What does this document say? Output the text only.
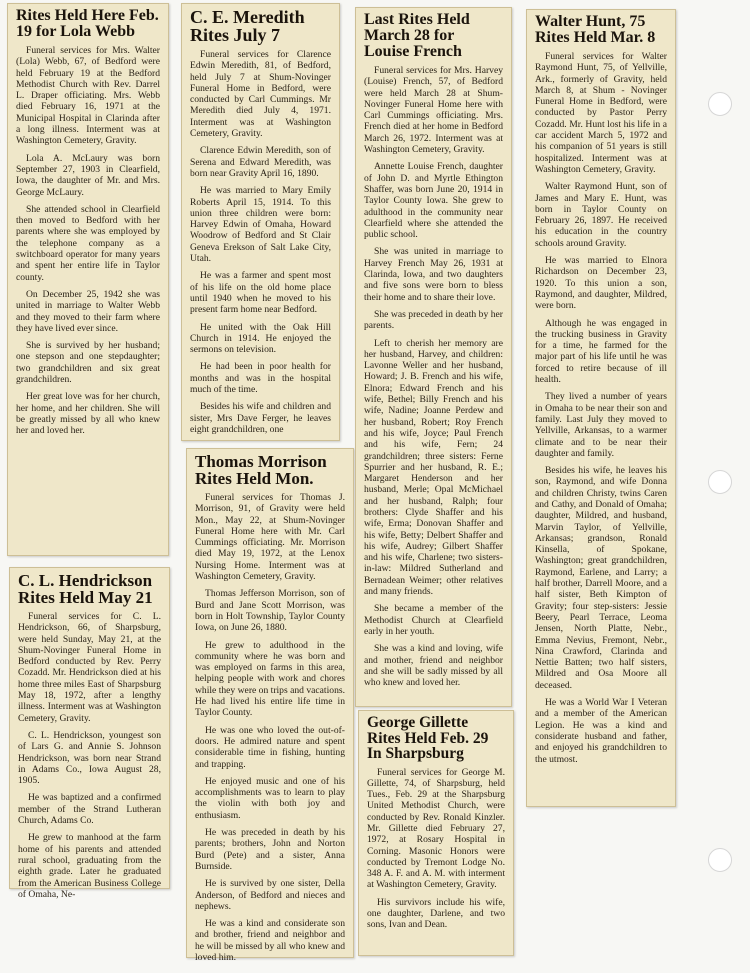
Rites Held Here Feb. 19 for Lola Webb

Funeral services for Mrs. Walter (Lola) Webb, 67, of Bedford were held February 19 at the Bedford Methodist Church with Rev. Darrel L. Draper officiating. Mrs. Webb died February 16, 1971 at the Municipal Hospital in Clarinda after a long illness. Interment was at Washington Cemetery, Gravity.

Lola A. McLaury was born September 27, 1903 in Clearfield, Iowa, the daughter of Mr. and Mrs. George McLaury.

She attended school in Clearfield then moved to Bedford with her parents where she was employed by the telephone company as a switchboard operator for many years and spent her entire life in Taylor county.

On December 25, 1942 she was united in marriage to Walter Webb and they moved to their farm where they have lived ever since.

She is survived by her husband; one stepson and one stepdaughter; two grandchildren and six great grandchildren.

Her great love was for her church, her home, and her children. She will be greatly missed by all who knew her and loved her.

C. L. Hendrickson Rites Held May 21

Funeral services for C. L. Hendrickson, 66, of Sharpsburg, were held Sunday, May 21, at the Shum-Novinger Funeral Home in Bedford conducted by Rev. Perry Cozadd. Mr. Hendrickson died at his home three miles East of Sharpsburg May 18, 1972, after a lengthy illness. Interment was at Washington Cemetery, Gravity.

C. L. Hendrickson, youngest son of Lars G. and Annie S. Johnson Hendrickson, was born near Strand in Adams Co., Iowa August 28, 1905.

He was baptized and a confirmed member of the Strand Lutheran Church, Adams Co.

He grew to manhood at the farm home of his parents and attended rural school, graduating from the eighth grade. Later he graduated from the American Business College of Omaha, Ne-

C. E. Meredith Rites July 7

Funeral services for Clarence Edwin Meredith, 81, of Bedford, held July 7 at Shum-Novinger Funeral Home in Bedford, were conducted by Carl Cummings. Mr Meredith died July 4, 1971. Interment was at Washington Cemetery, Gravity.

Clarence Edwin Meredith, son of Serena and Edward Meredith, was born near Gravity April 16, 1890.

He was married to Mary Emily Roberts April 15, 1914. To this union three children were born: Harvey Edwin of Omaha, Howard Woodrow of Bedford and St Clair Geneva Erekson of Salt Lake City, Utah.

He was a farmer and spent most of his life on the old home place until 1940 when he moved to his present farm home near Bedford.

He united with the Oak Hill Church in 1914. He enjoyed the sermons on television.

He had been in poor health for months and was in the hospital much of the time.

Besides his wife and children and sister, Mrs Dave Ferger, he leaves eight grandchildren, one

Thomas Morrison Rites Held Mon.

Funeral services for Thomas J. Morrison, 91, of Gravity were held Mon., May 22, at Shum-Novinger Funeral Home here with Mr. Carl Cummings officiating. Mr. Morrison died May 19, 1972, at the Lenox Nursing Home. Interment was at Washington Cemetery, Gravity.

Thomas Jefferson Morrison, son of Burd and Jane Scott Morrison, was born in Holt Township, Taylor County Iowa, on June 26, 1880.

He grew to adulthood in the community where he was born and was employed on farms in this area, helping people with work and chores while they were on trips and vacations. He had lived his entire life time in Taylor County.

He was one who loved the out-of-doors. He admired nature and spent considerable time in fishing, hunting and trapping.

He enjoyed music and one of his accomplishments was to learn to play the violin with both joy and enthusiasm.

He was preceded in death by his parents; brothers, John and Norton Burd (Pete) and a sister, Anna Burnside.

He is survived by one sister, Della Anderson, of Bedford and nieces and nephews.

He was a kind and considerate son and brother, friend and neighbor and he will be missed by all who knew and loved him.

Last Rites Held March 28 for Louise French

Funeral services for Mrs. Harvey (Louise) French, 57, of Bedford were held March 28 at Shum-Novinger Funeral Home here with Carl Cummings officiating. Mrs. French died at her home in Bedford March 26, 1972. Interment was at Washington Cemetery, Gravity.

Annette Louise French, daughter of John D. and Myrtle Ethington Shaffer, was born June 20, 1914 in Taylor County Iowa. She grew to adulthood in the community near Clearfield where she attended the public school.

She was united in marriage to Harvey French May 26, 1931 at Clarinda, Iowa, and two daughters and five sons were born to bless their home and to share their love.

She was preceded in death by her parents.

Left to cherish her memory are her husband, Harvey, and children: Lavonne Weller and her husband, Howard; J. B. French and his wife, Elnora; Edward French and his wife, Bethel; Billy French and his wife, Nadine; Joanne Perdew and her husband, Robert; Roy French and his wife, Joyce; Paul French and his wife, Fern; 24 grandchildren; three sisters: Ferne Spurrier and her husband, R. E.; Margaret Henderson and her husband, Merle; Opal McMichael and her husband, Ralph; four brothers: Clyde Shaffer and his wife, Erma; Donovan Shaffer and his wife, Betty; Delbert Shaffer and his wife, Audrey; Gilbert Shaffer and his wife, Charlene; two sisters-in-law: Mildred Sutherland and Bernadean Weimer; other relatives and many friends.

She became a member of the Methodist Church at Clearfield early in her youth.

She was a kind and loving, wife and mother, friend and neighbor and she will be sadly missed by all who knew and loved her.

George Gillette Rites Held Feb. 29 In Sharpsburg

Funeral services for George M. Gillette, 74, of Sharpsburg, held Tues., Feb. 29 at the Sharpsburg United Methodist Church, were conducted by Rev. Ronald Kinzler. Mr. Gillette died February 27, 1972, at Rosary Hospital in Corning. Masonic Honors were conducted by Tremont Lodge No. 348 A. F. and A. M. with interment at Washington Cemetery, Gravity.

His survivors include his wife, one daughter, Darlene, and two sons, Ivan and Dean.

Walter Hunt, 75 Rites Held Mar. 8

Funeral services for Walter Raymond Hunt, 75, of Yellville, Ark., formerly of Gravity, held March 8, at Shum - Novinger Funeral Home in Bedford, were conducted by Pastor Perry Cozadd. Mr. Hunt lost his life in a car accident March 5, 1972 and his companion of 51 years is still hospitalized. Interment was at Washington Cemetery, Gravity.

Walter Raymond Hunt, son of James and Mary E. Hunt, was born in Taylor County on February 26, 1897. He received his education in the country schools around Gravity.

He was married to Elnora Richardson on December 23, 1920. To this union a son, Raymond, and daughter, Mildred, were born.

Although he was engaged in the trucking business in Gravity for a time, he farmed for the major part of his life until he was forced to retire because of ill health.

They lived a number of years in Omaha to be near their son and family. Last July they moved to Yellville, Arkansas, to a warmer climate and to be near their daughter and family.

Besides his wife, he leaves his son, Raymond, and wife Donna and children Christy, twins Caren and Cathy, and Donald of Omaha; daughter, Mildred, and husband, Marvin Taylor, of Yellville, Arkansas; grandson, Ronald Kinsella, of Spokane, Washington; great grandchildren, Raymond, Earlene, and Larry; a half brother, Darrell Moore, and a half sister, Beth Kimpton of Gravity; four step-sisters: Jessie Beery, Pearl Terrace, Leoma Jensen, North Platte, Nebr., Emma Nevius, Fremont, Nebr., Nina Crawford, Clarinda and Nettie Batten; two half sisters, Mildred and Osa Moore all deceased.

He was a World War I Veteran and a member of the American Legion. He was a kind and considerate husband and father, and enjoyed his grandchildren to the utmost.
